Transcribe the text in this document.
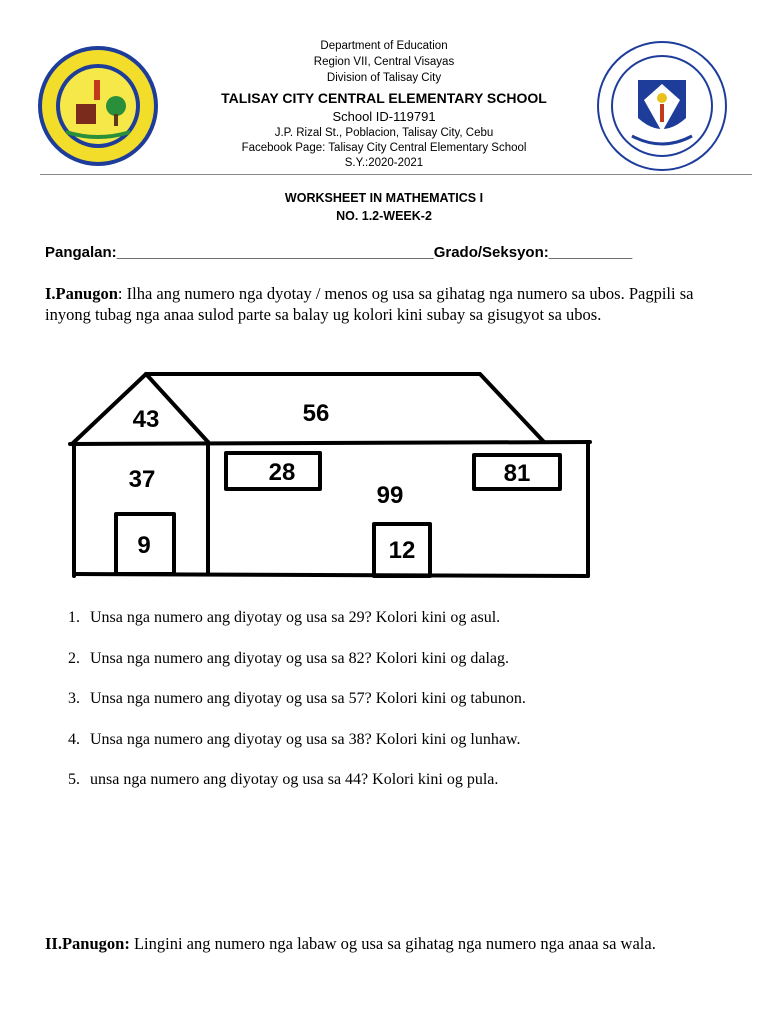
Department of Education
Region VII, Central Visayas
Division of Talisay City
TALISAY CITY CENTRAL ELEMENTARY SCHOOL
School ID-119791
J.P. Rizal St., Poblacion, Talisay City, Cebu
Facebook Page: Talisay City Central Elementary School
S.Y.:2020-2021
WORKSHEET IN MATHEMATICS I
NO. 1.2-WEEK-2
Pangalan:______________________________________Grado/Seksyon:__________
I.Panugon: Ilha ang numero nga dyotay / menos og usa sa gihatag nga numero sa ubos. Pagpili sa inyong tubag nga anaa sulod parte sa balay ug kolori kini subay sa gisugyot sa ubos.
43	56
37
9
28
99
81
12
1. Unsa nga numero ang diyotay og usa sa 29? Kolori kini og asul.
2. Unsa nga numero ang diyotay og usa sa 82? Kolori kini og dalag.
3. Unsa nga numero ang diyotay og usa sa 57? Kolori kini og tabunon.
4. Unsa nga numero ang diyotay og usa sa 38? Kolori kini og lunhaw.
5. unsa nga numero ang diyotay og usa sa 44? Kolori kini og pula.
II.Panugon: Lingini ang numero nga labaw og usa sa gihatag nga numero nga anaa sa wala.
